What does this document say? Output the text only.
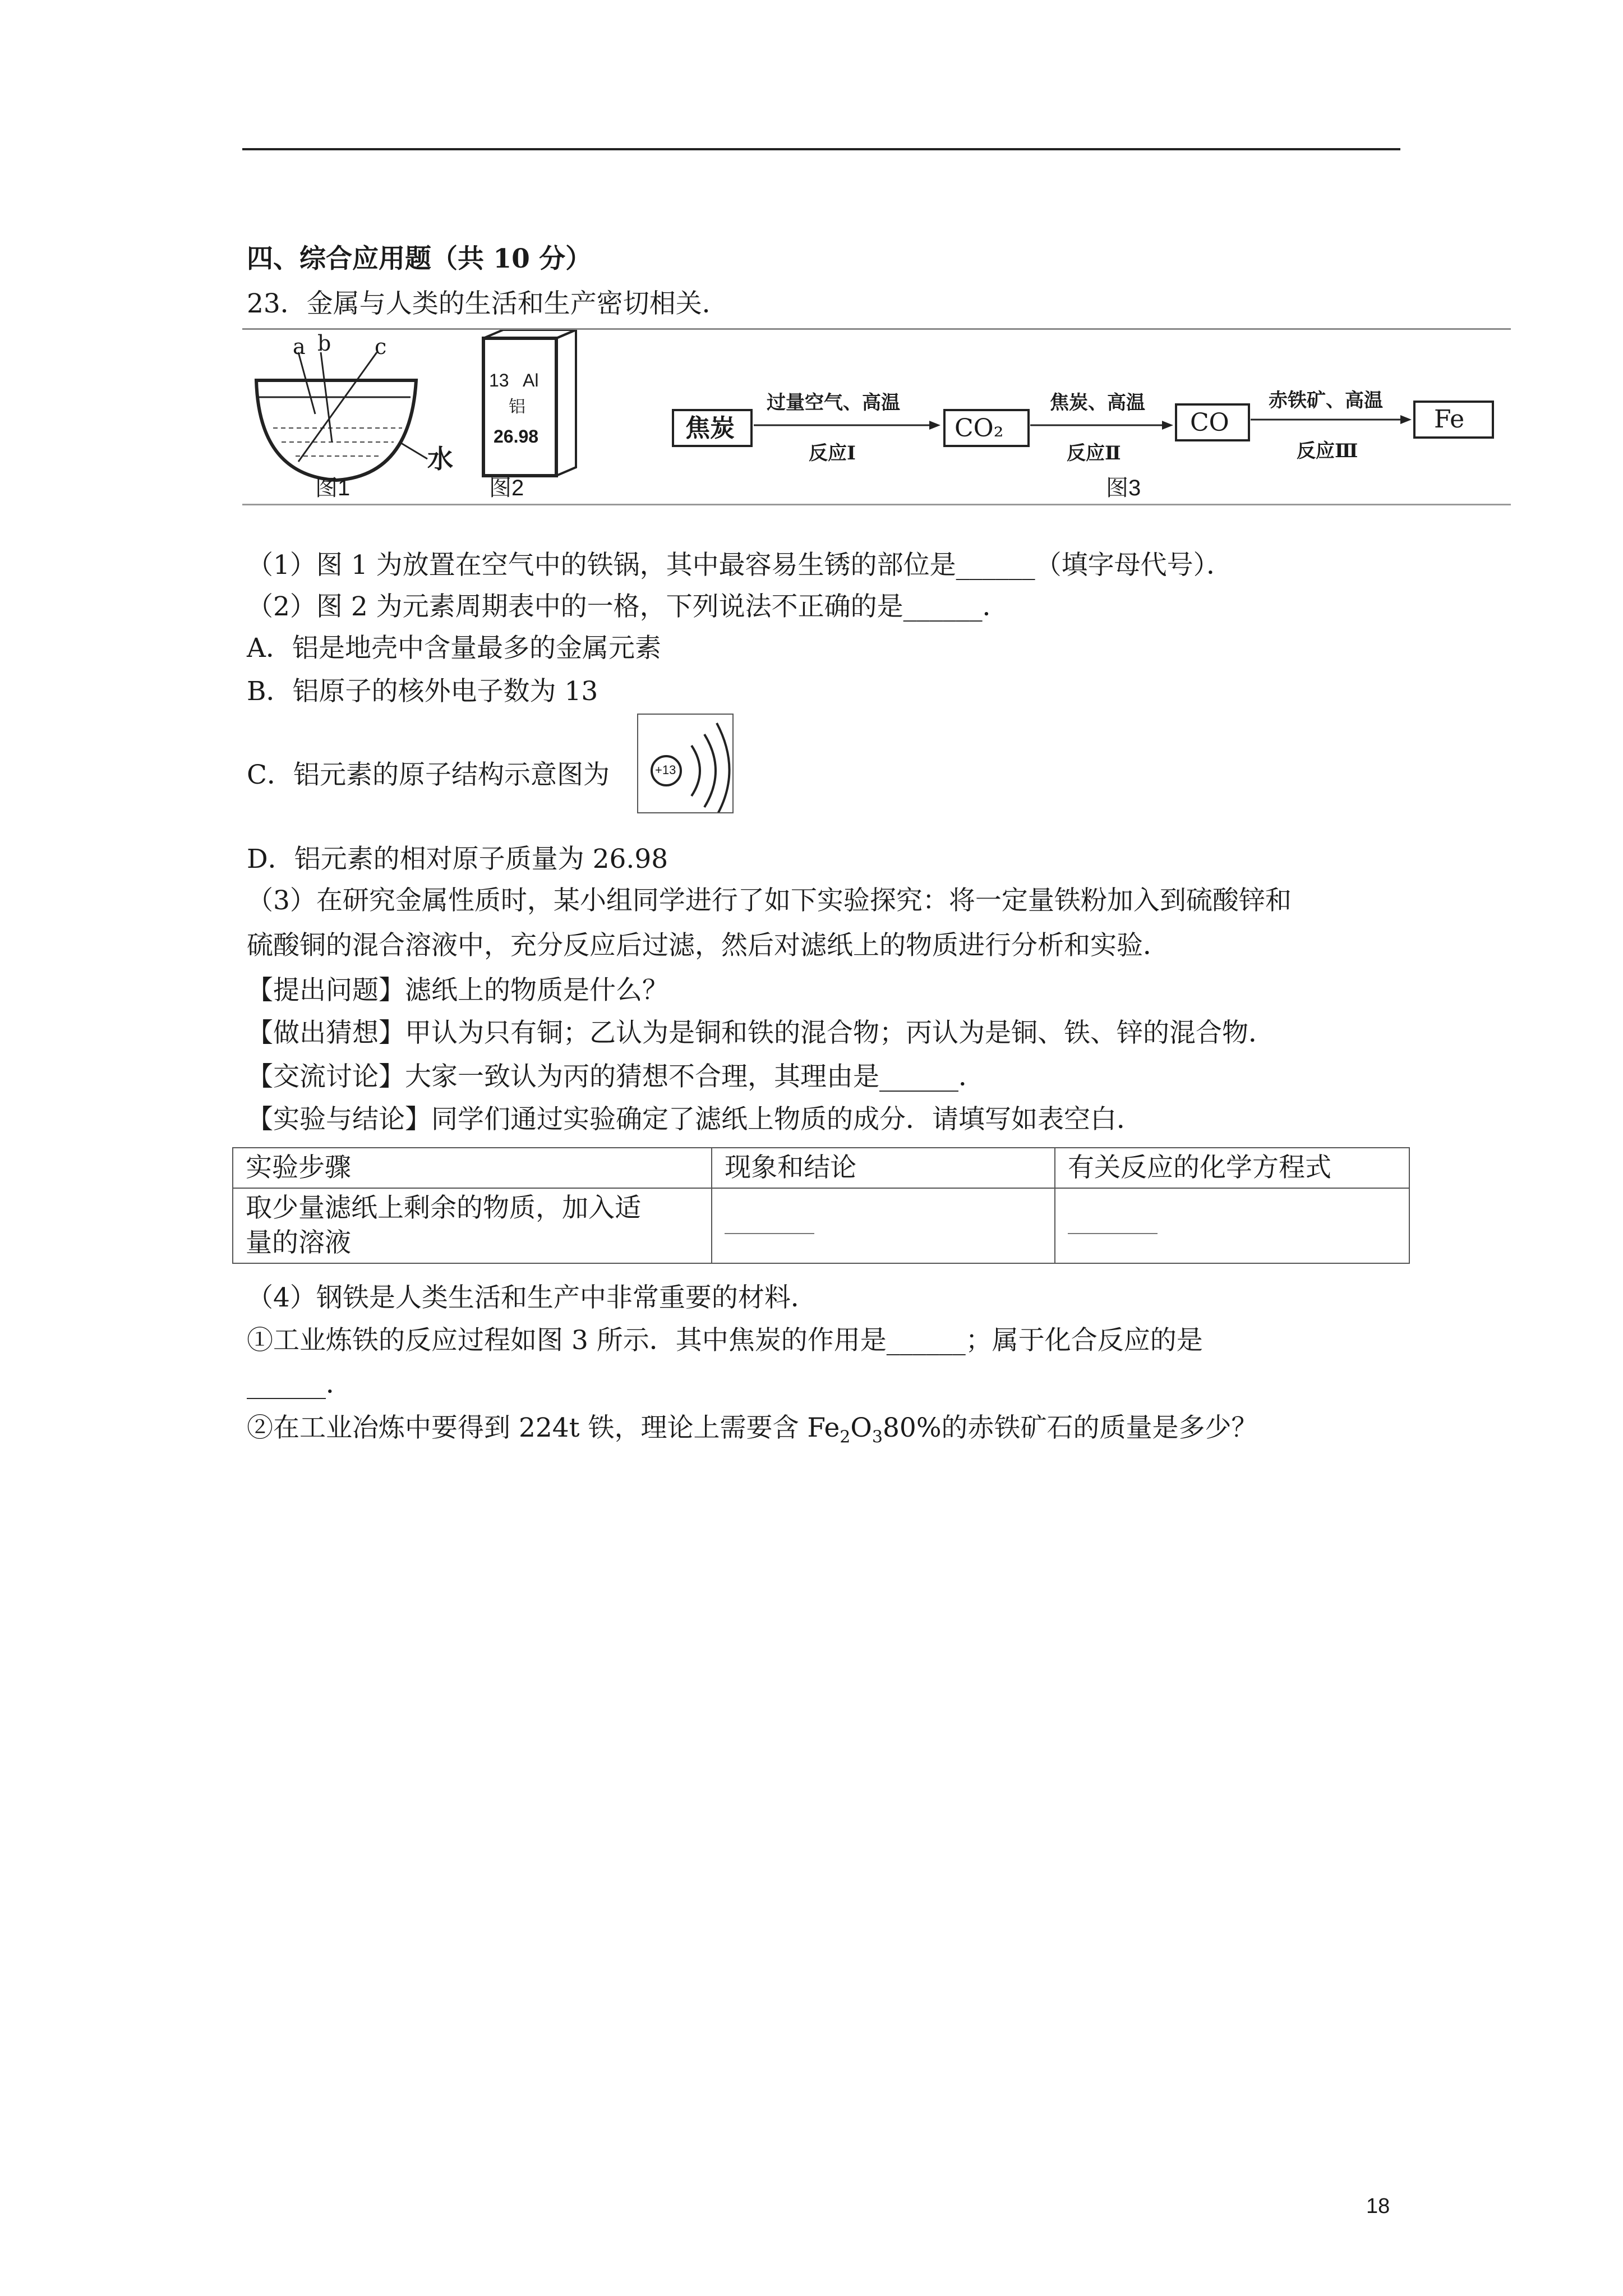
四、综合应用题（共 10 分）
23．金属与人类的生活和生产密切相关．
a b c
水
图1
13 Al
铝
26.98
图2
焦炭	CO₂	CO	Fe
过量空气、高温	焦炭、高温	赤铁矿、高温
反应Ⅰ	反应Ⅱ	反应Ⅲ
图3
（1）图 1 为放置在空气中的铁锅，其中最容易生锈的部位是______（填字母代号）．
（2）图 2 为元素周期表中的一格，下列说法不正确的是______．
A．铝是地壳中含量最多的金属元素
B．铝原子的核外电子数为 13
C．铝元素的原子结构示意图为	+13
D．铝元素的相对原子质量为 26.98
（3）在研究金属性质时，某小组同学进行了如下实验探究：将一定量铁粉加入到硫酸锌和
硫酸铜的混合溶液中，充分反应后过滤，然后对滤纸上的物质进行分析和实验．
【提出问题】滤纸上的物质是什么？
【做出猜想】甲认为只有铜；乙认为是铜和铁的混合物；丙认为是铜、铁、锌的混合物．
【交流讨论】大家一致认为丙的猜想不合理，其理由是______．
【实验与结论】同学们通过实验确定了滤纸上物质的成分．请填写如表空白．
实验步骤	现象和结论	有关反应的化学方程式

取少量滤纸上剩余的物质，加入适
量的溶液		

（4）钢铁是人类生活和生产中非常重要的材料．
①工业炼铁的反应过程如图 3 所示．其中焦炭的作用是______；属于化合反应的是
______．
②在工业冶炼中要得到 224t 铁，理论上需要含 $Fe_2O_380\%$的赤铁矿石的质量是多少？
18
